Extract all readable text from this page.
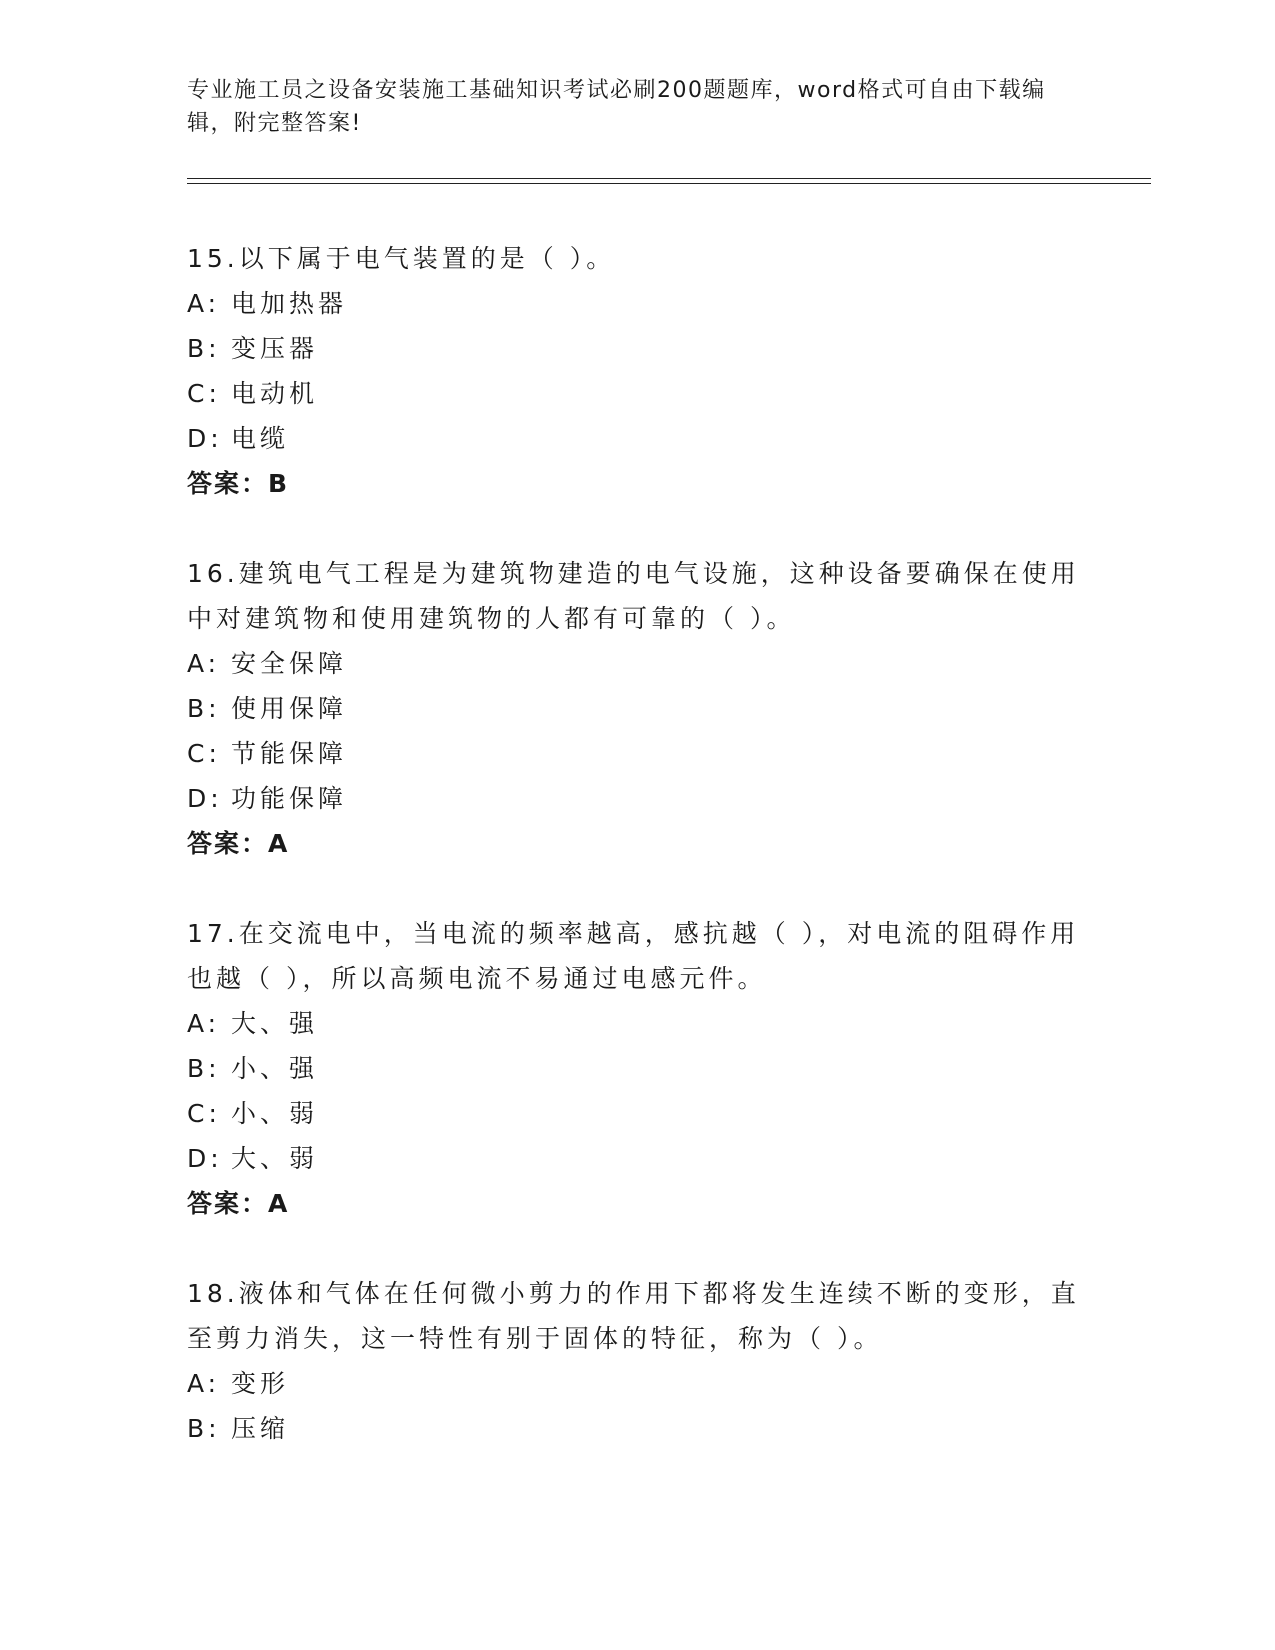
专业施工员之设备安装施工基础知识考试必刷200题题库，word格式可自由下载编辑，附完整答案!
15.以下属于电气装置的是（ ）。
A: 电加热器
B: 变压器
C: 电动机
D: 电缆
答案：B
16.建筑电气工程是为建筑物建造的电气设施，这种设备要确保在使用中对建筑物和使用建筑物的人都有可靠的（ ）。
A: 安全保障
B: 使用保障
C: 节能保障
D: 功能保障
答案：A
17.在交流电中，当电流的频率越高，感抗越（ ），对电流的阻碍作用也越（ ），所以高频电流不易通过电感元件。
A: 大、强
B: 小、强
C: 小、弱
D: 大、弱
答案：A
18.液体和气体在任何微小剪力的作用下都将发生连续不断的变形，直至剪力消失，这一特性有别于固体的特征，称为（ ）。
A: 变形
B: 压缩
